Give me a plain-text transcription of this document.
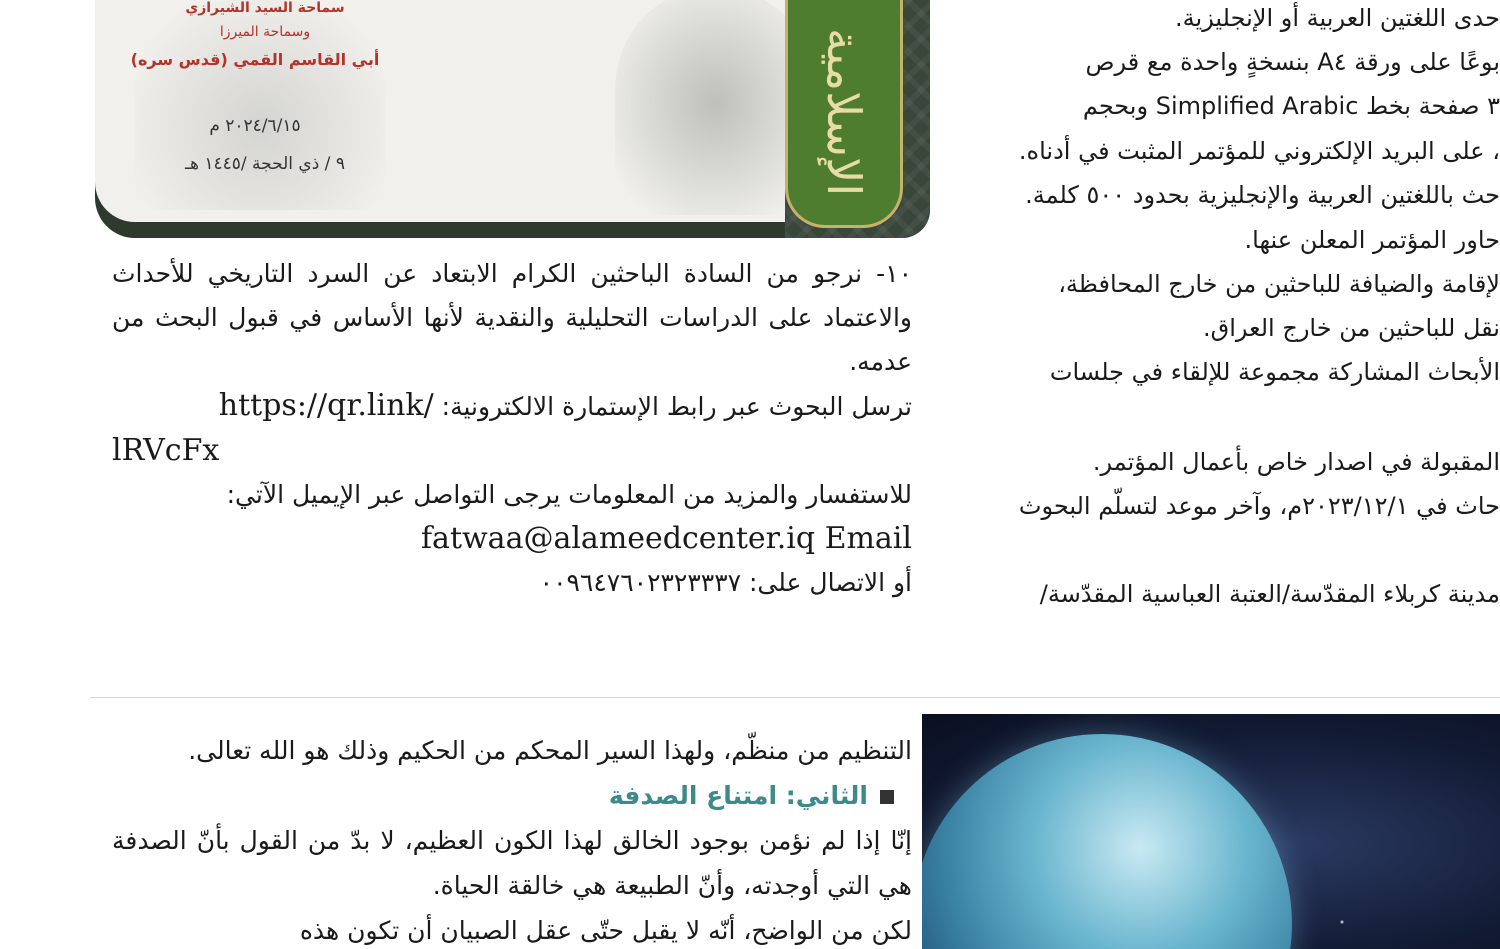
سماحة السيد الشيرازي
وسماحة الميرزا
أبي القاسم القمي (قدس سره)
٢٠٢٤/٦/١٥ م
٩ / ذي الحجة /١٤٤٥ هـ	الإسلامية
حدى اللغتين العربية أو الإنجليزية.
بوعًا على ورقة A٤ بنسخةٍ واحدة مع قرص
٣ صفحة بخط Simplified Arabic وبحجم
، على البريد الإلكتروني للمؤتمر المثبت في أدناه.
حث باللغتين العربية والإنجليزية بحدود ٥٠٠ كلمة.
حاور المؤتمر المعلن عنها.
لإقامة والضيافة للباحثين من خارج المحافظة،
نقل للباحثين من خارج العراق.
الأبحاث المشاركة مجموعة للإلقاء في جلسات
المقبولة في اصدار خاص بأعمال المؤتمر.
حاث في ٢٠٢٣/١٢/١م، وآخر موعد لتسلّم البحوث
مدينة كربلاء المقدّسة/العتبة العباسية المقدّسة/

١٠- نرجو من السادة الباحثين الكرام الابتعاد عن السرد التاريخي للأحداث والاعتماد على الدراسات التحليلية والنقدية لأنها الأساس في قبول البحث من عدمه.

ترسل البحوث عبر رابط الإستمارة الالكترونية: https://qr.link/

lRVcFx

للاستفسار والمزيد من المعلومات يرجى التواصل عبر الإيميل الآتي:

fatwaa@alameedcenter.iq Email

أو الاتصال على: ٠٠٩٦٤٧٦٠٢٣٢٣٣٣٧

التنظيم من منظّم، ولهذا السير المحكم من الحكيم وذلك هو الله تعالى.

الثاني: امتناع الصدفة

إنّا إذا لم نؤمن بوجود الخالق لهذا الكون العظيم، لا بدّ من القول بأنّ الصدفة هي التي أوجدته، وأنّ الطبيعة هي خالقة الحياة.

لكن من الواضح، أنّه لا يقبل حتّى عقل الصبيان أن تكون هذه
